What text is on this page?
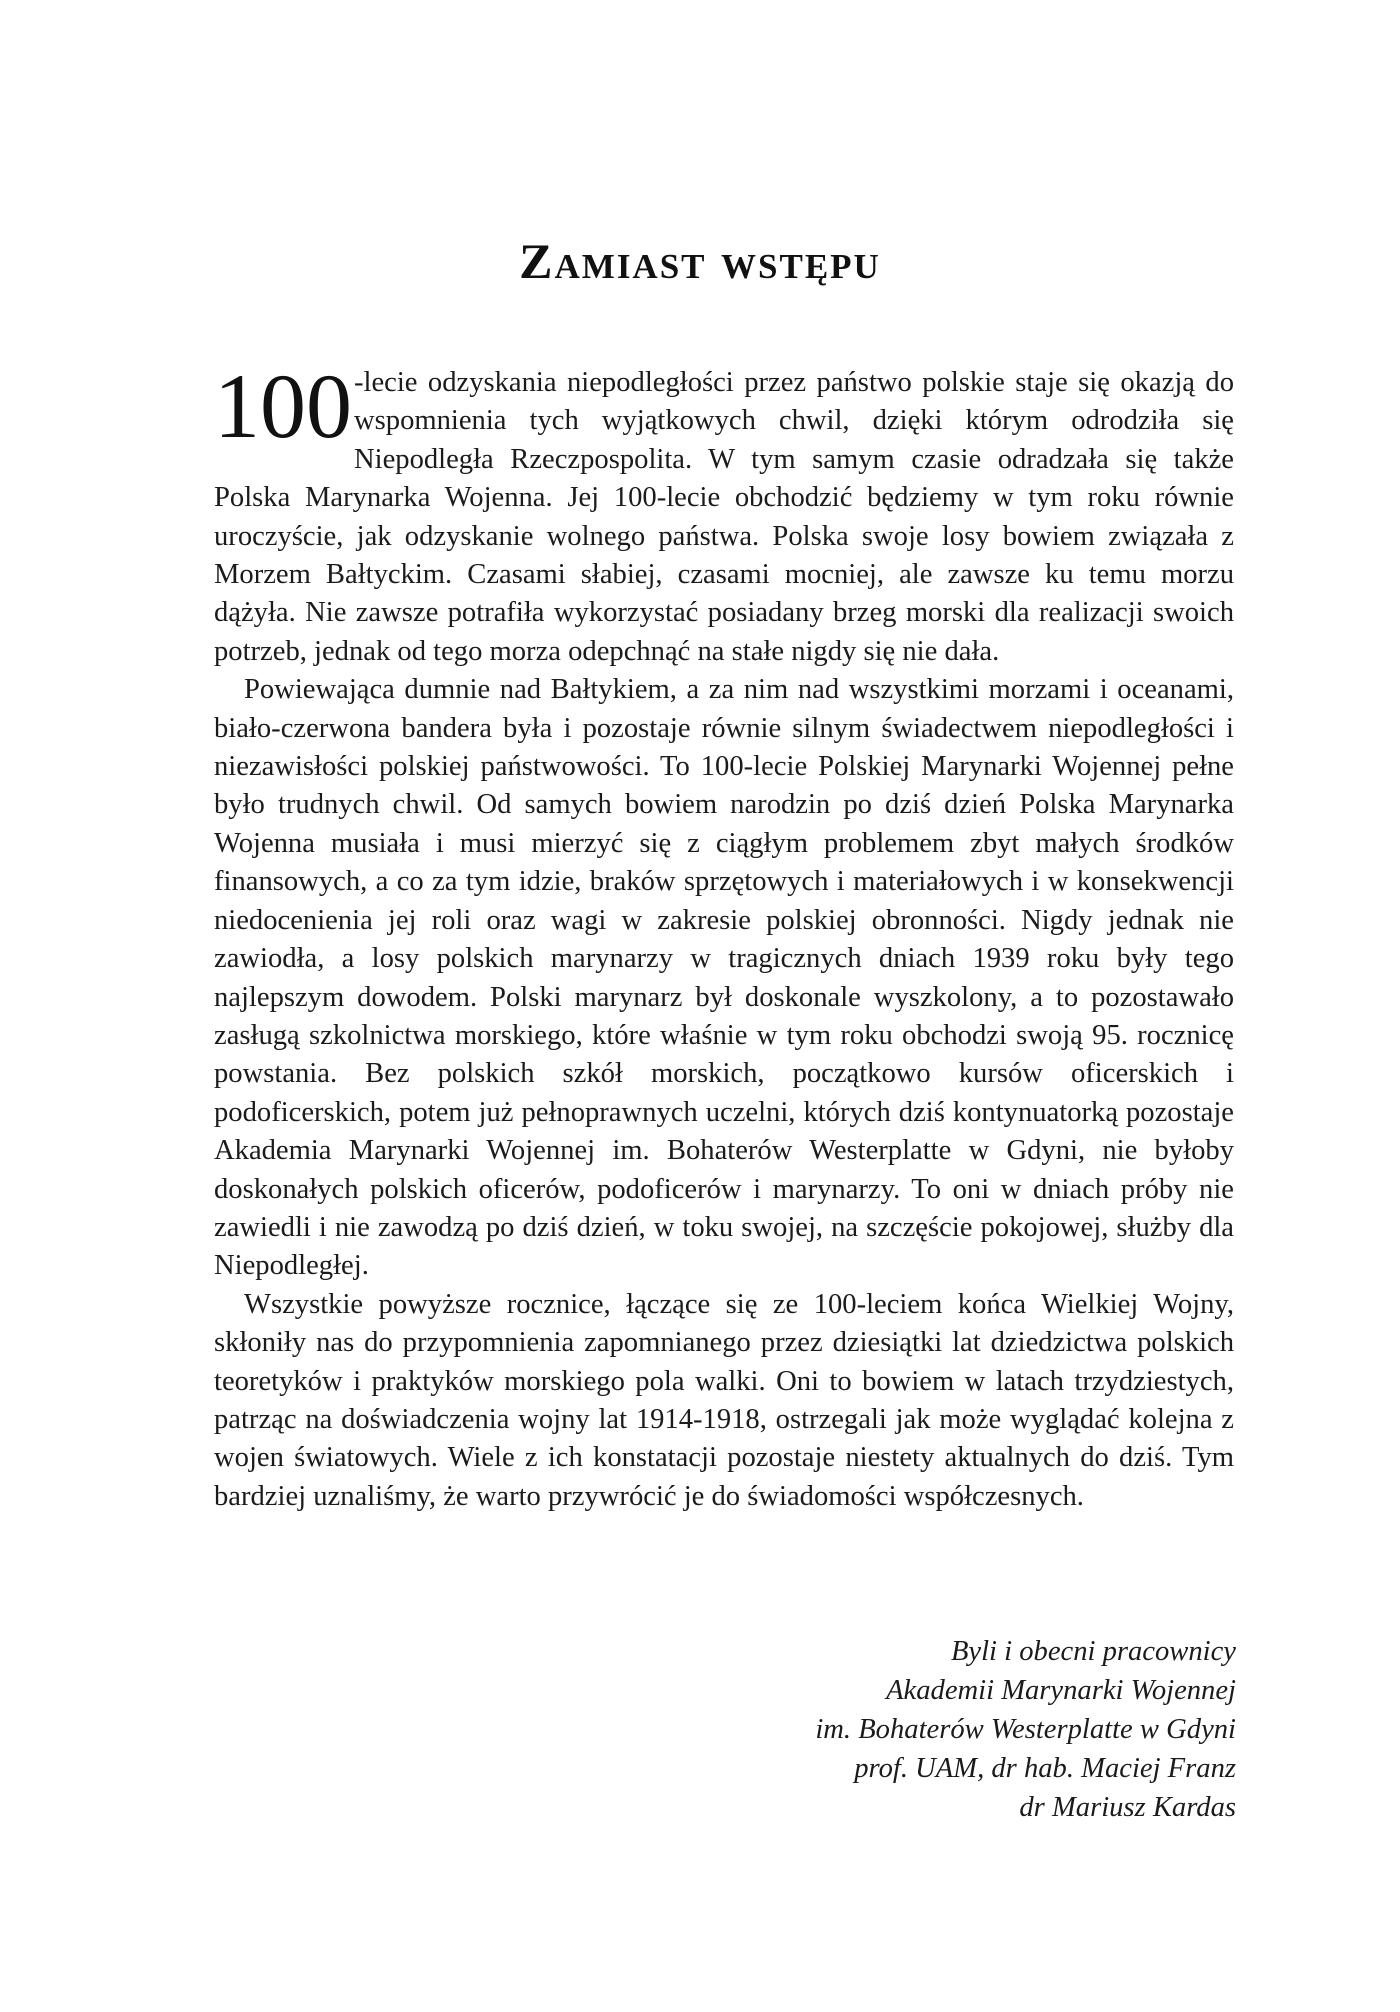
Zamiast wstępu

100 -lecie odzyskania niepodległości przez państwo polskie staje się okazją do wspomnienia tych wyjątkowych chwil, dzięki którym odrodziła się Niepodległa Rzeczpospolita. W tym samym czasie odradzała się także Polska Marynarka Wojenna. Jej 100-lecie obchodzić będziemy w tym roku równie uroczyście, jak odzyskanie wolnego państwa. Polska swoje losy bowiem związała z Morzem Bałtyckim. Czasami słabiej, czasami mocniej, ale zawsze ku temu morzu dążyła. Nie zawsze potrafiła wykorzystać posiadany brzeg morski dla realizacji swoich potrzeb, jednak od tego morza odepchnąć na stałe nigdy się nie dała.

Powiewająca dumnie nad Bałtykiem, a za nim nad wszystkimi morzami i oceanami, biało-czerwona bandera była i pozostaje równie silnym świadectwem niepodległości i niezawisłości polskiej państwowości. To 100-lecie Polskiej Marynarki Wojennej pełne było trudnych chwil. Od samych bowiem narodzin po dziś dzień Polska Marynarka Wojenna musiała i musi mierzyć się z ciągłym problemem zbyt małych środków finansowych, a co za tym idzie, braków sprzętowych i materiałowych i w konsekwencji niedocenienia jej roli oraz wagi w zakresie polskiej obronności. Nigdy jednak nie zawiodła, a losy polskich marynarzy w tragicznych dniach 1939 roku były tego najlepszym dowodem. Polski marynarz był doskonale wyszkolony, a to pozostawało zasługą szkolnictwa morskiego, które właśnie w tym roku obchodzi swoją 95. rocznicę powstania. Bez polskich szkół morskich, początkowo kursów oficerskich i podoficerskich, potem już pełnoprawnych uczelni, których dziś kontynuatorką pozostaje Akademia Marynarki Wojennej im. Bohaterów Westerplatte w Gdyni, nie byłoby doskonałych polskich oficerów, podoficerów i marynarzy. To oni w dniach próby nie zawiedli i nie zawodzą po dziś dzień, w toku swojej, na szczęście pokojowej, służby dla Niepodległej.

Wszystkie powyższe rocznice, łączące się ze 100-leciem końca Wielkiej Wojny, skłoniły nas do przypomnienia zapomnianego przez dziesiątki lat dziedzictwa polskich teoretyków i praktyków morskiego pola walki. Oni to bowiem w latach trzydziestych, patrząc na doświadczenia wojny lat 1914-1918, ostrzegali jak może wyglądać kolejna z wojen światowych. Wiele z ich konstatacji pozostaje niestety aktualnych do dziś. Tym bardziej uznaliśmy, że warto przywrócić je do świadomości współczesnych.

Byli i obecni pracownicy
Akademii Marynarki Wojennej
im. Bohaterów Westerplatte w Gdyni
prof. UAM, dr hab. Maciej Franz
dr Mariusz Kardas
